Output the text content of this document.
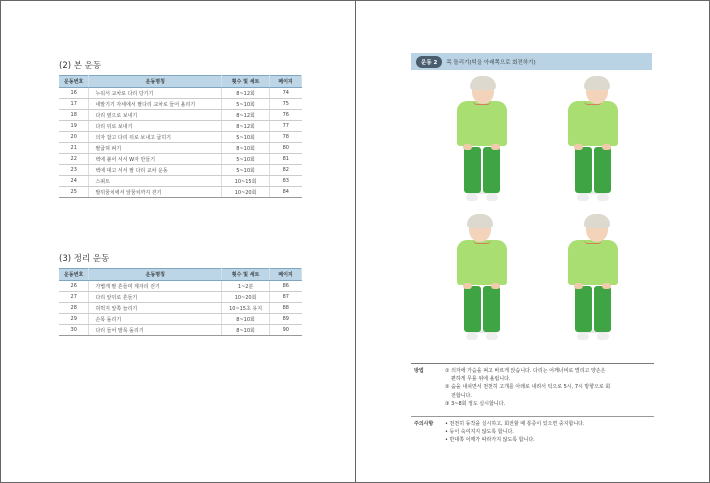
(2) 본 운동
운동번호	운동명칭	횟수 및 세트	페이지
16	누워서 교차로 다리 당기기	8~12회	74
17	네발기기 자세에서 팔다리 교차로 들어 올리기	5~10회	75
18	다리 옆으로 보내기	8~12회	76
19	다리 뒤로 보내기	8~12회	77
20	의자 잡고 다리 뒤로 보내고 굽히기	5~10회	78
21	팔굽혀 펴기	8~10회	80
22	벽에 붙어 서서 W자 만들기	5~10회	81
23	벽에 대고 서서 팔 다리 교차 운동	5~10회	82
24	스쿼트	10~15회	83
25	발뒤꿈치에서 앞꿈치까지 걷기	10~20회	84
(3) 정리 운동
운동번호	운동명칭	횟수 및 세트	페이지
26	가볍게 팔 흔들며 제자리 걷기	1~2분	86
27	다리 앞뒤로 흔들기	10~20회	87
28	허벅지 앞쪽 늘리기	10~15초 유지	88
29	손목 돌리기	8~10회	89
30	다리 들어 발목 돌리기	8~10회	90
운동 2	목 돌리기(턱을 아래쪽으로 회전하기)
방법	① 의자에 가슴을 펴고 바르게 앉습니다. 다리는 어깨너비로 벌리고 양손은
편하게 무릎 위에 올립니다.
② 숨을 내쉬면서 천천히 고개를 아래로 내려서 턱으로 5시, 7시 방향으로 회
전합니다.
③ 3~8회 정도 실시합니다.
주의사항	• 천천히 동작을 실시하고, 회전할 때 통증이 있으면 중지합니다.
• 등이 숙여지지 않도록 합니다.
• 반대쪽 어깨가 따라가지 않도록 합니다.
